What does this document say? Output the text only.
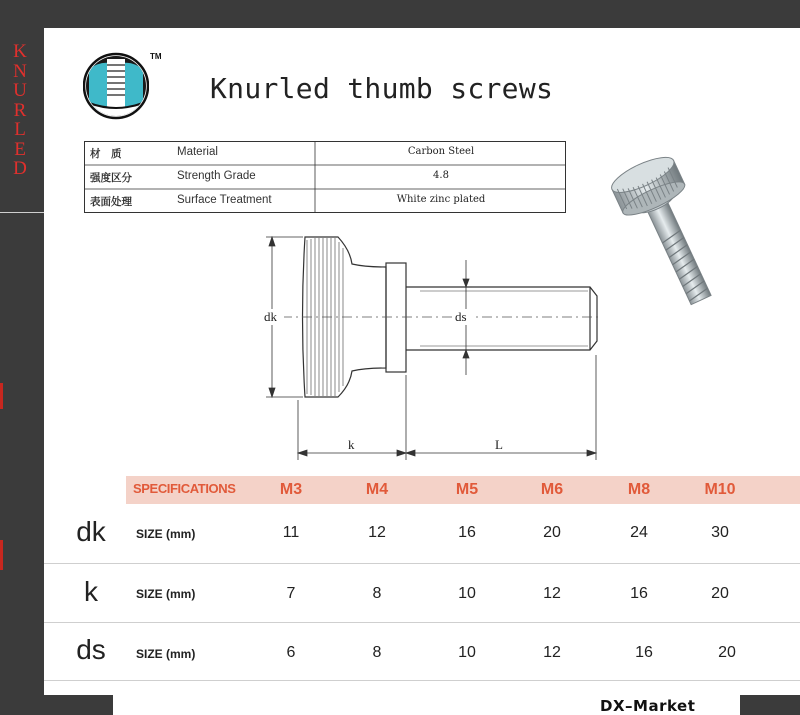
K
N
U
R
L
E
D
TM
Knurled thumb screws
材　质	Material	Carbon Steel
强度区分	Strength Grade	4.8
表面处理	Surface Treatment	White zinc plated
dk	ds
k	L
SPECIFICATIONS	M3	M4	M5	M6	M8	M10
dk	SIZE (mm)	11	12	16	20	24	30
k	SIZE (mm)	7	8	10	12	16	20
ds	SIZE (mm)	6	8	10	12	16	20
DX–Market
